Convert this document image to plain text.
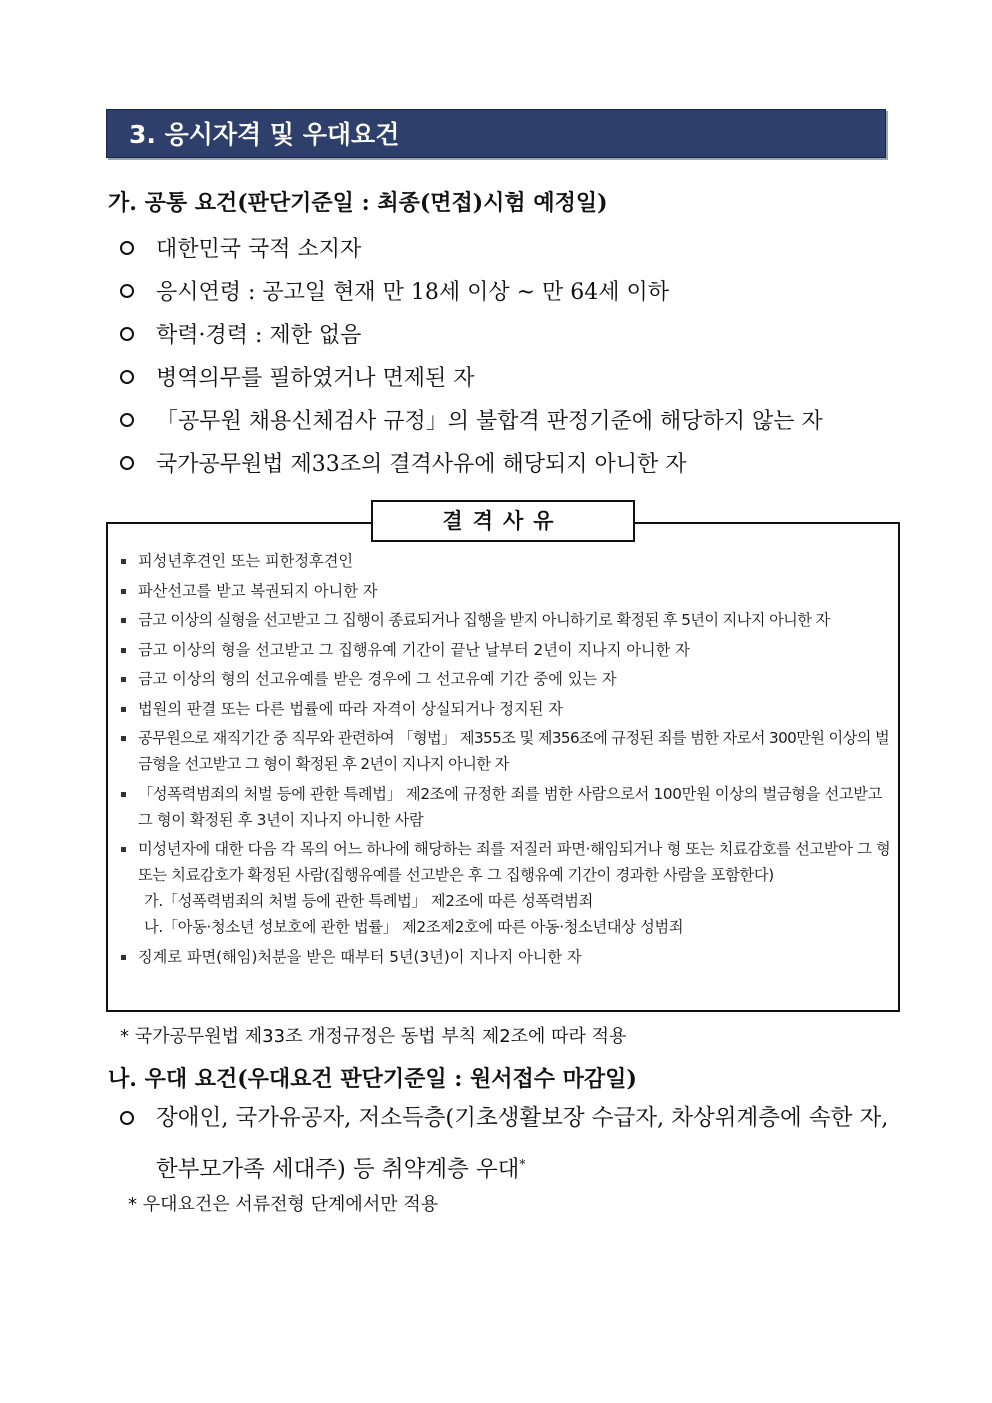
3. 응시자격 및 우대요건
가. 공통 요건(판단기준일 : 최종(면접)시험 예정일)
대한민국 국적 소지자
응시연령 : 공고일 현재 만 18세 이상 ~ 만 64세 이하
학력·경력 : 제한 없음
병역의무를 필하였거나 면제된 자
「공무원 채용신체검사 규정」의 불합격 판정기준에 해당하지 않는 자
국가공무원법 제33조의 결격사유에 해당되지 아니한 자
결격사유
피성년후견인 또는 피한정후견인
파산선고를 받고 복권되지 아니한 자
금고 이상의 실형을 선고받고 그 집행이 종료되거나 집행을 받지 아니하기로 확정된 후 5년이 지나지 아니한 자
금고 이상의 형을 선고받고 그 집행유예 기간이 끝난 날부터 2년이 지나지 아니한 자
금고 이상의 형의 선고유예를 받은 경우에 그 선고유예 기간 중에 있는 자
법원의 판결 또는 다른 법률에 따라 자격이 상실되거나 정지된 자
공무원으로 재직기간 중 직무와 관련하여 「형법」 제355조 및 제356조에 규정된 죄를 범한 자로서 300만원 이상의 벌금형을 선고받고 그 형이 확정된 후 2년이 지나지 아니한 자
「성폭력범죄의 처벌 등에 관한 특례법」 제2조에 규정한 죄를 범한 사람으로서 100만원 이상의 벌금형을 선고받고 그 형이 확정된 후 3년이 지나지 아니한 사람
미성년자에 대한 다음 각 목의 어느 하나에 해당하는 죄를 저질러 파면·해임되거나 형 또는 치료감호를 선고받아 그 형 또는 치료감호가 확정된 사람(집행유예를 선고받은 후 그 집행유예 기간이 경과한 사람을 포함한다)
가.「성폭력범죄의 처벌 등에 관한 특례법」 제2조에 따른 성폭력범죄
나.「아동·청소년 성보호에 관한 법률」 제2조제2호에 따른 아동·청소년대상 성범죄
징계로 파면(해임)처분을 받은 때부터 5년(3년)이 지나지 아니한 자
* 국가공무원법 제33조 개정규정은 동법 부칙 제2조에 따라 적용
나. 우대 요건(우대요건 판단기준일 : 원서접수 마감일)
장애인, 국가유공자, 저소득층(기초생활보장 수급자, 차상위계층에 속한 자, 한부모가족 세대주) 등 취약계층 우대*
* 우대요건은 서류전형 단계에서만 적용
